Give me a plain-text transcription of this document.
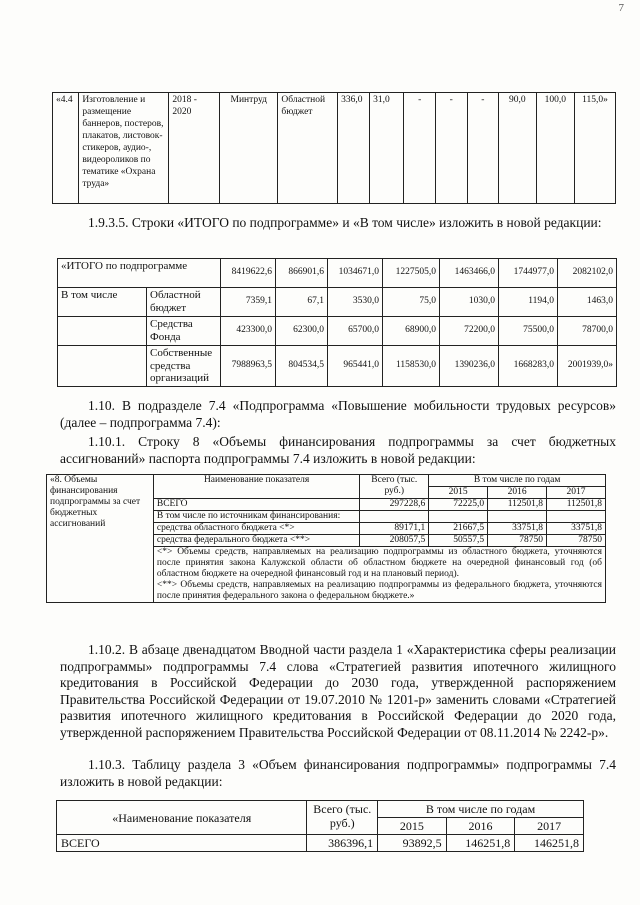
7
«4.4	Изготовление и размещение баннеров, постеров, плакатов, листовок-стикеров, аудио-, видеороликов по тематике «Охрана труда»	2018 - 2020	Минтруд	Областной бюджет	336,0	31,0	-	-	-	90,0	100,0	115,0»
1.9.3.5. Строки «ИТОГО по подпрограмме» и «В том числе» изложить в новой редакции:
«ИТОГО по подпрограмме		8419622,6	866901,6	1034671,0	1227505,0	1463466,0	1744977,0	2082102,0
В том числе	Областной бюджет	7359,1	67,1	3530,0	75,0	1030,0	1194,0	1463,0
	Средства Фонда	423300,0	62300,0	65700,0	68900,0	72200,0	75500,0	78700,0
	Собственные средства организаций	7988963,5	804534,5	965441,0	1158530,0	1390236,0	1668283,0	2001939,0»
1.10. В подразделе 7.4 «Подпрограмма «Повышение мобильности трудовых ресурсов» (далее – подпрограмма 7.4):
1.10.1. Строку 8 «Объемы финансирования подпрограммы за счет бюджетных ассигнований» паспорта подпрограммы 7.4 изложить в новой редакции:
«8. Объемы финансирования подпрограммы за счет бюджетных ассигнований	Наименование показателя	Всего (тыс. руб.)	В том числе по годам		
			2015	2016	2017
	ВСЕГО	297228,6	72225,0	112501,8	112501,8
	В том числе по источникам финансирования:				
	средства областного бюджета <*>	89171,1	21667,5	33751,8	33751,8
	средства федерального бюджета <**>	208057,5	50557,5	78750	78750

	<*> Объемы средств, направляемых на реализацию подпрограммы из областного бюджета, уточняются после принятия закона Калужской области об областном бюджете на очередной финансовый год (об областном бюджете на очередной финансовый год и на плановый период).
<**> Объемы средств, направляемых на реализацию подпрограммы из федерального бюджета, уточняются после принятия федерального закона о федеральном бюджете.»				
1.10.2. В абзаце двенадцатом Вводной части раздела 1 «Характеристика сферы реализации подпрограммы» подпрограммы 7.4 слова «Стратегией развития ипотечного жилищного кредитования в Российской Федерации до 2030 года, утвержденной распоряжением Правительства Российской Федерации от 19.07.2010 № 1201-р» заменить словами «Стратегией развития ипотечного жилищного кредитования в Российской Федерации до 2020 года, утвержденной распоряжением Правительства Российской Федерации от 08.11.2014 № 2242-р».
1.10.3. Таблицу раздела 3 «Объем финансирования подпрограммы» подпрограммы 7.4 изложить в новой редакции:
«Наименование показателя	Всего (тыс. руб.)	В том числе по годам		
		2015	2016	2017
ВСЕГО	386396,1	93892,5	146251,8	146251,8
